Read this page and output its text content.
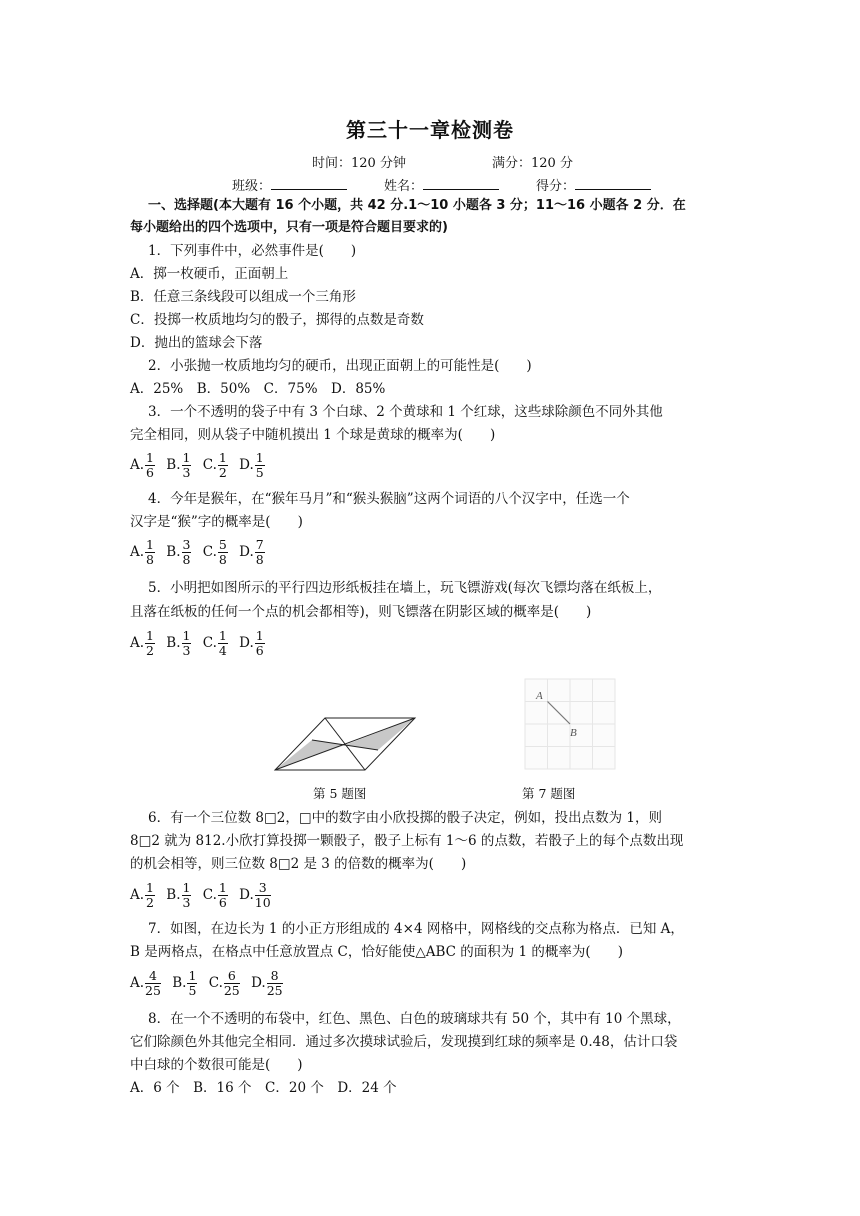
第三十一章检测卷
时间：120 分钟	满分：120 分
班级：	姓名：	得分：
一、选择题(本大题有 16 个小题，共 42 分.1～10 小题各 3 分；11～16 小题各 2 分．在
每小题给出的四个选项中，只有一项是符合题目要求的)
1．下列事件中，必然事件是(　　)
A．掷一枚硬币，正面朝上
B．任意三条线段可以组成一个三角形
C．投掷一枚质地均匀的骰子，掷得的点数是奇数
D．抛出的篮球会下落
2．小张抛一枚质地均匀的硬币，出现正面朝上的可能性是(　　)
A．25%　B．50%　C．75%　D．85%
3．一个不透明的袋子中有 3 个白球、2 个黄球和 1 个红球，这些球除颜色不同外其他
完全相同，则从袋子中随机摸出 1 个球是黄球的概率为(　　)
A. $\frac{1}{6} B$. $\frac{1}{3} C$. $\frac{1}{2} D$. $\frac{1}{5}$
4．今年是猴年，在“猴年马月”和“猴头猴脑”这两个词语的八个汉字中，任选一个
汉字是“猴”字的概率是(　　)
A. $\frac{1}{8} B$. $\frac{3}{8} C$. $\frac{5}{8} D$. $\frac{7}{8}$
5．小明把如图所示的平行四边形纸板挂在墙上，玩飞镖游戏(每次飞镖均落在纸板上，
且落在纸板的任何一个点的机会都相等)，则飞镖落在阴影区域的概率是(　　)
A. $\frac{1}{2} B$. $\frac{1}{3} C$. $\frac{1}{4} D$. $\frac{1}{6}$
A
B
第 5 题图	第 7 题图
6．有一个三位数 8□2，□中的数字由小欣投掷的骰子决定，例如，投出点数为 1，则
8□2 就为 812.小欣打算投掷一颗骰子，骰子上标有 1～6 的点数，若骰子上的每个点数出现
的机会相等，则三位数 8□2 是 3 的倍数的概率为(　　)
A. $\frac{1}{2} B$. $\frac{1}{3} C$. $\frac{1}{6} D$. $\frac{3}{10}$
7．如图，在边长为 1 的小正方形组成的 4×4 网格中，网格线的交点称为格点．已知 A，
B 是两格点，在格点中任意放置点 C，恰好能使△ABC 的面积为 1 的概率为(　　)
A. $\frac{4}{25} B$. $\frac{1}{5} C$. $\frac{6}{25} D$. $\frac{8}{25}$
8．在一个不透明的布袋中，红色、黑色、白色的玻璃球共有 50 个，其中有 10 个黑球，
它们除颜色外其他完全相同．通过多次摸球试验后，发现摸到红球的频率是 0.48，估计口袋
中白球的个数很可能是(　　)
A．6 个　B．16 个　C．20 个　D．24 个
